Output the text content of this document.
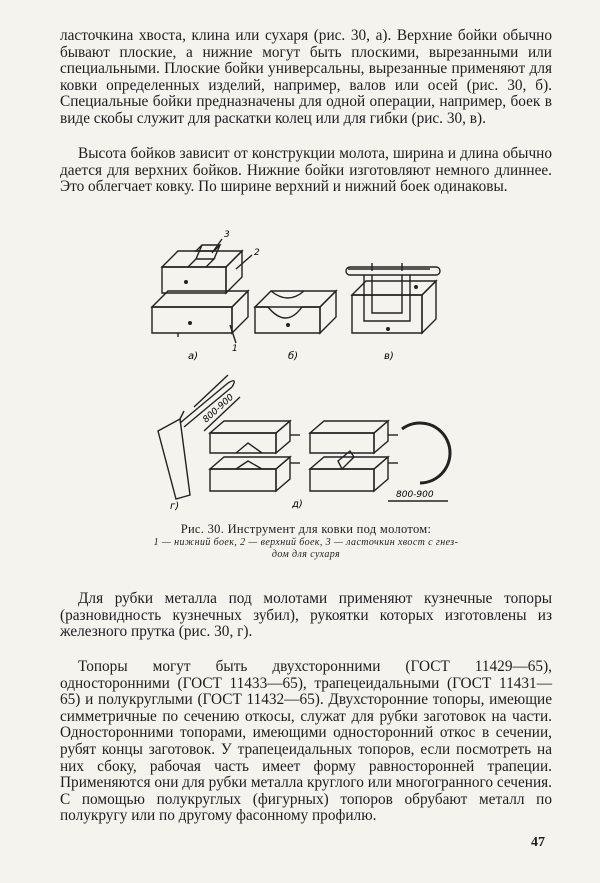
ласточкина хвоста, клина или сухаря (рис. 30, а). Верхние бойки обычно бывают плоские, а нижние могут быть плоскими, вырезанными или специальными. Плоские бойки универсальны, вырезанные применяют для ковки определенных изделий, например, валов или осей (рис. 30, б). Специальные бойки предназначены для одной операции, например, боек в виде скобы служит для раскатки колец или для гибки (рис. 30, в).

Высота бойков зависит от конструкции молота, ширина и длина обычно дается для верхних бойков. Нижние бойки изготовляют немного длиннее. Это облегчает ковку. По ширине верхний и нижний боек одинаковы.

3
2
1
а)	б)	в)
г)	д)
800-900
800-900
Рис. 30. Инструмент для ковки под молотом:
1 — нижний боек, 2 — верхний боек, 3 — ласточкин хвост с гнез-
дом для сухаря

Для рубки металла под молотами применяют кузнечные топоры (разновидность кузнечных зубил), рукоятки которых изготовлены из железного прутка (рис. 30, г).

Топоры могут быть двухсторонними (ГОСТ 11429—65), односторонними (ГОСТ 11433—65), трапецеидальными (ГОСТ 11431—65) и полукруглыми (ГОСТ 11432—65). Двухсторонние топоры, имеющие симметричные по сечению откосы, служат для рубки заготовок на части. Односторонними топорами, имеющими односторонний откос в сечении, рубят концы заготовок. У трапецеидальных топоров, если посмотреть на них сбоку, рабочая часть имеет форму равносторонней трапеции. Применяются они для рубки металла круглого или многогранного сечения. С помощью полукруглых (фигурных) топоров обрубают металл по полукругу или по другому фасонному профилю.

47
